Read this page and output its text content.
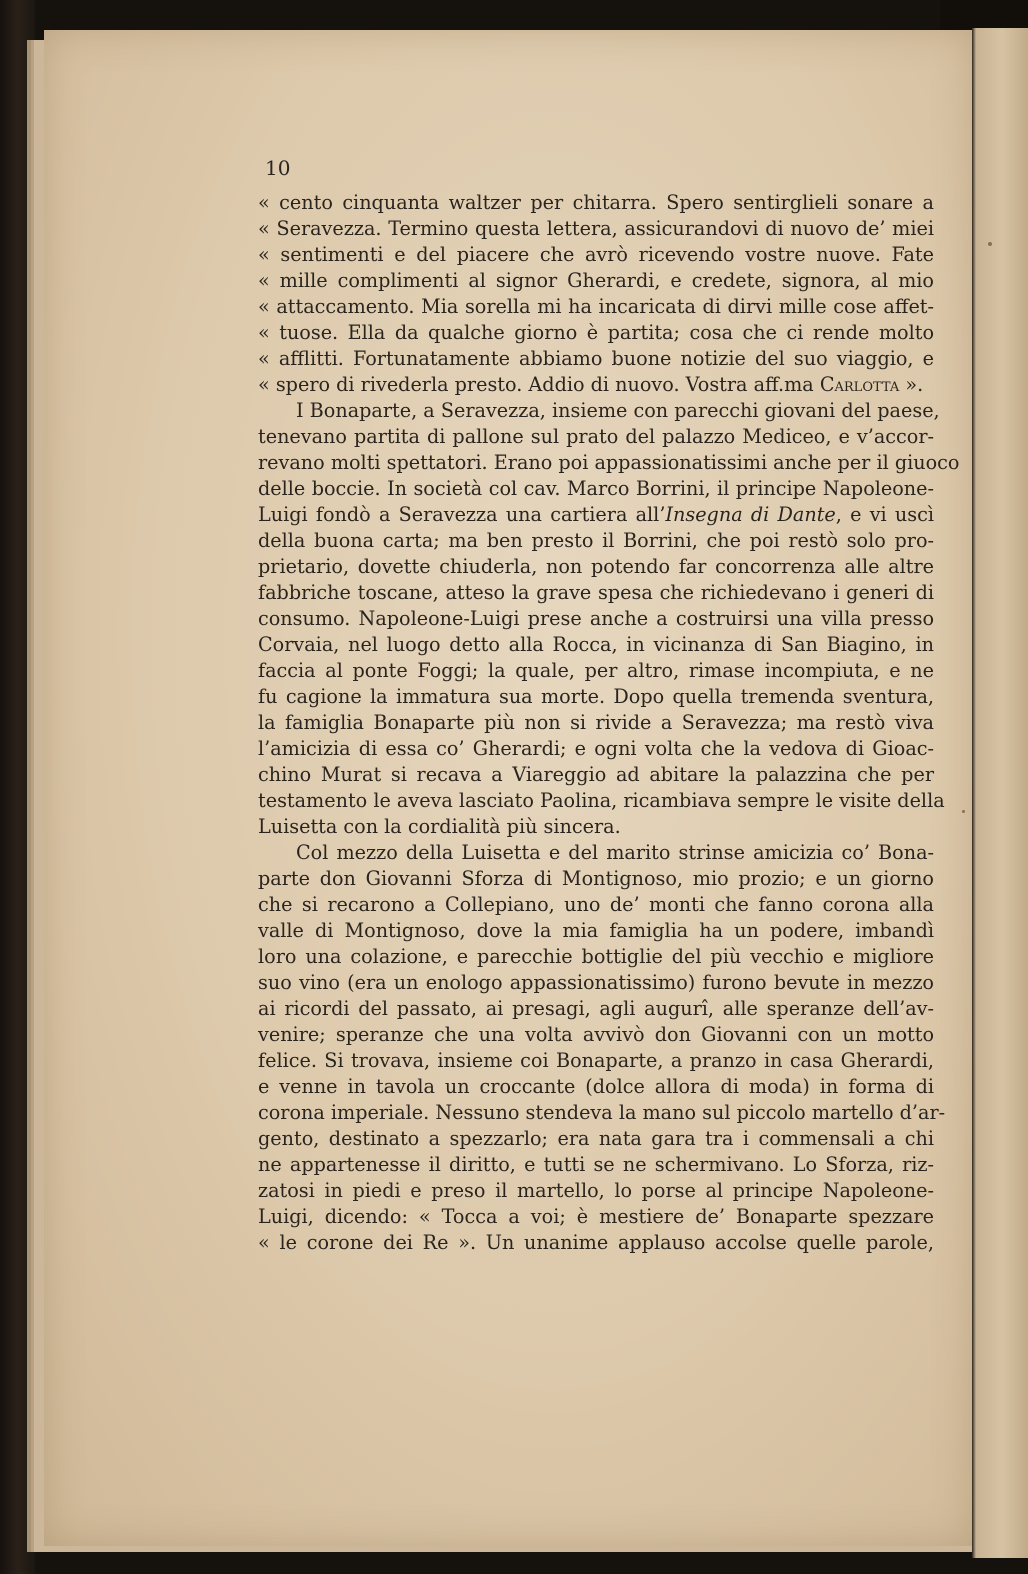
10
« cento cinquanta waltzer per chitarra. Spero sentirglieli sonare a
« Seravezza. Termino questa lettera, assicurandovi di nuovo de’ miei
« sentimenti e del piacere che avrò ricevendo vostre nuove. Fate
« mille complimenti al signor Gherardi, e credete, signora, al mio
« attaccamento. Mia sorella mi ha incaricata di dirvi mille cose affet-
« tuose. Ella da qualche giorno è partita; cosa che ci rende molto
« afflitti. Fortunatamente abbiamo buone notizie del suo viaggio, e
« spero di rivederla presto. Addio di nuovo. Vostra aff.ma Carlotta ».
I Bonaparte, a Seravezza, insieme con parecchi giovani del paese,
tenevano partita di pallone sul prato del palazzo Mediceo, e v’accor-
revano molti spettatori. Erano poi appassionatissimi anche per il giuoco
delle boccie. In società col cav. Marco Borrini, il principe Napoleone-
Luigi fondò a Seravezza una cartiera all’Insegna di Dante, e vi uscì
della buona carta; ma ben presto il Borrini, che poi restò solo pro-
prietario, dovette chiuderla, non potendo far concorrenza alle altre
fabbriche toscane, atteso la grave spesa che richiedevano i generi di
consumo. Napoleone-Luigi prese anche a costruirsi una villa presso
Corvaia, nel luogo detto alla Rocca, in vicinanza di San Biagino, in
faccia al ponte Foggi; la quale, per altro, rimase incompiuta, e ne
fu cagione la immatura sua morte. Dopo quella tremenda sventura,
la famiglia Bonaparte più non si rivide a Seravezza; ma restò viva
l’amicizia di essa co’ Gherardi; e ogni volta che la vedova di Gioac-
chino Murat si recava a Viareggio ad abitare la palazzina che per
testamento le aveva lasciato Paolina, ricambiava sempre le visite della
Luisetta con la cordialità più sincera.
Col mezzo della Luisetta e del marito strinse amicizia co’ Bona-
parte don Giovanni Sforza di Montignoso, mio prozio; e un giorno
che si recarono a Collepiano, uno de’ monti che fanno corona alla
valle di Montignoso, dove la mia famiglia ha un podere, imbandì
loro una colazione, e parecchie bottiglie del più vecchio e migliore
suo vino (era un enologo appassionatissimo) furono bevute in mezzo
ai ricordi del passato, ai presagi, agli augurî, alle speranze dell’av-
venire; speranze che una volta avvivò don Giovanni con un motto
felice. Si trovava, insieme coi Bonaparte, a pranzo in casa Gherardi,
e venne in tavola un croccante (dolce allora di moda) in forma di
corona imperiale. Nessuno stendeva la mano sul piccolo martello d’ar-
gento, destinato a spezzarlo; era nata gara tra i commensali a chi
ne appartenesse il diritto, e tutti se ne schermivano. Lo Sforza, riz-
zatosi in piedi e preso il martello, lo porse al principe Napoleone-
Luigi, dicendo: « Tocca a voi; è mestiere de’ Bonaparte spezzare
« le corone dei Re ». Un unanime applauso accolse quelle parole,
